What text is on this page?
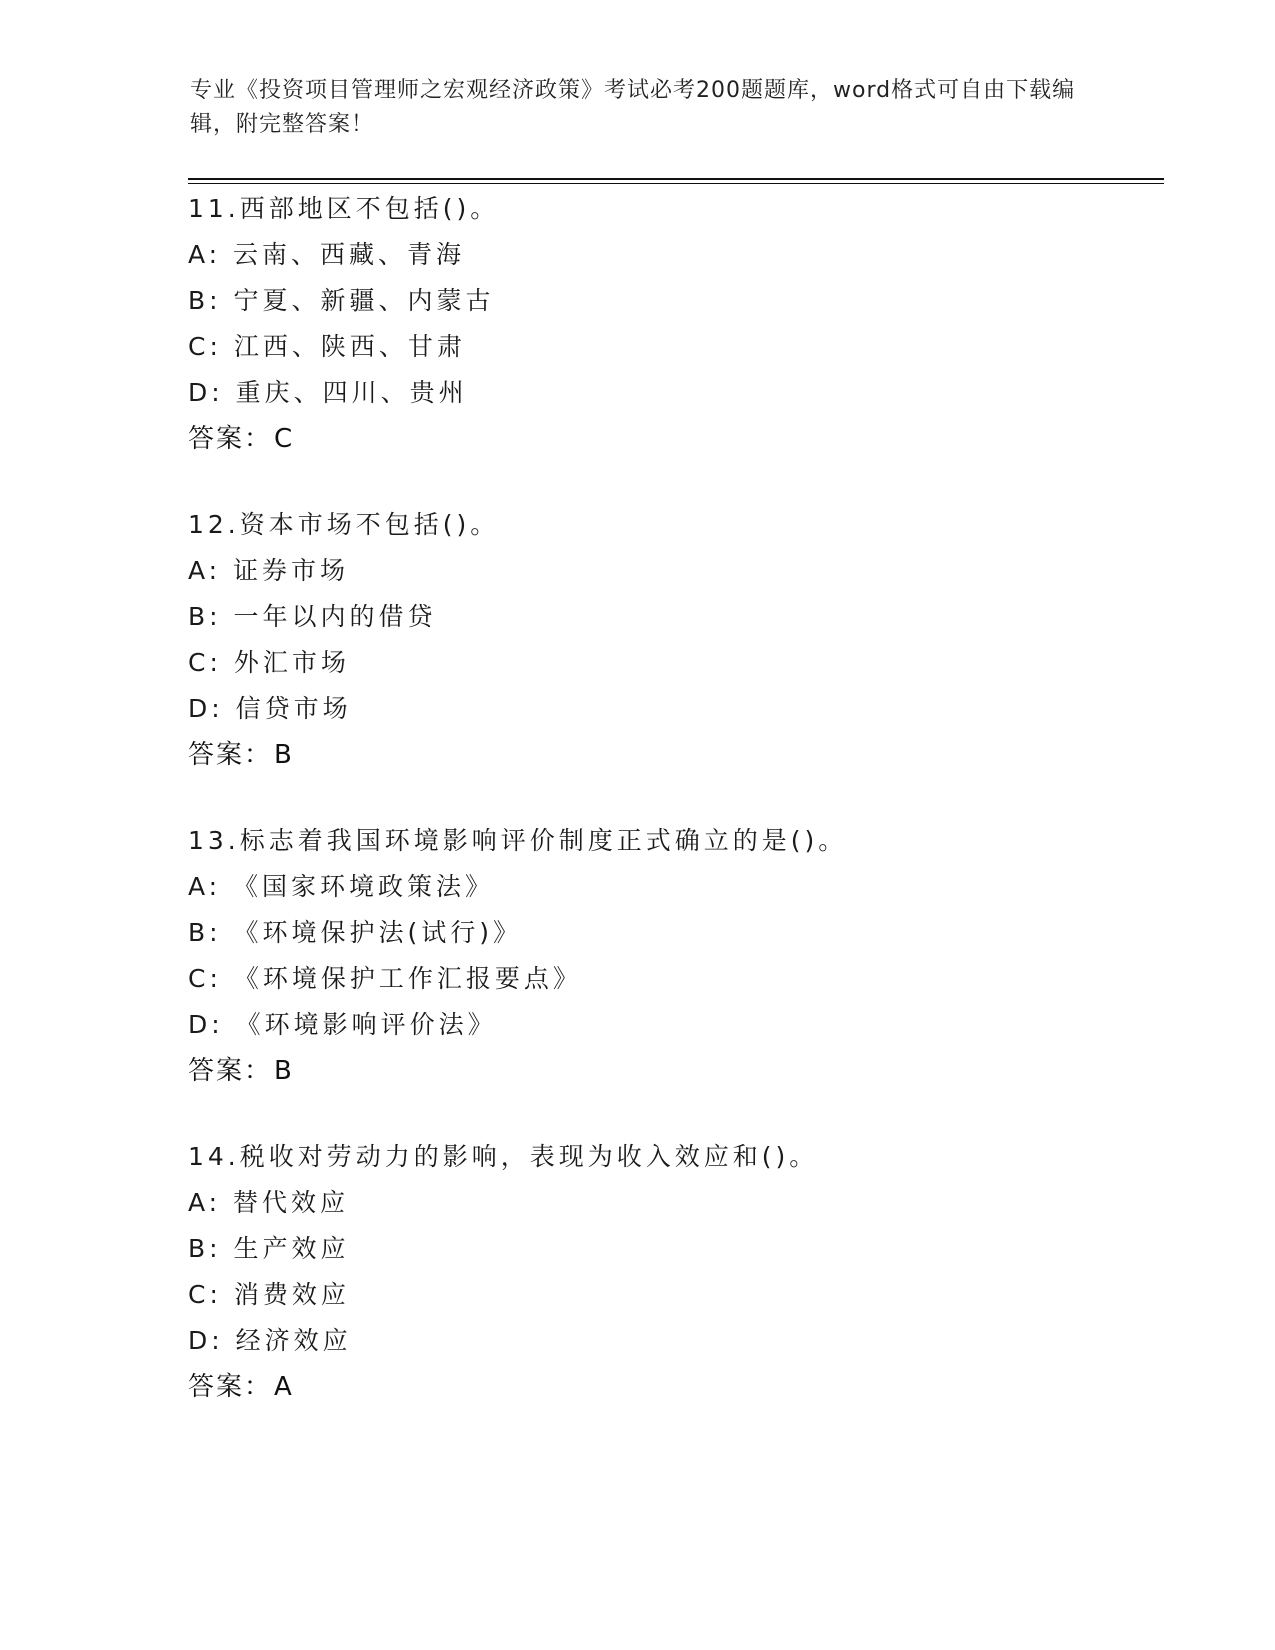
专业《投资项目管理师之宏观经济政策》考试必考200题题库，word格式可自由下载编辑，附完整答案！
11.西部地区不包括()。
A: 云南、西藏、青海
B: 宁夏、新疆、内蒙古
C: 江西、陕西、甘肃
D: 重庆、四川、贵州
答案：C
12.资本市场不包括()。
A: 证券市场
B: 一年以内的借贷
C: 外汇市场
D: 信贷市场
答案：B
13.标志着我国环境影响评价制度正式确立的是()。
A: 《国家环境政策法》
B: 《环境保护法(试行)》
C: 《环境保护工作汇报要点》
D: 《环境影响评价法》
答案：B
14.税收对劳动力的影响，表现为收入效应和()。
A: 替代效应
B: 生产效应
C: 消费效应
D: 经济效应
答案：A
